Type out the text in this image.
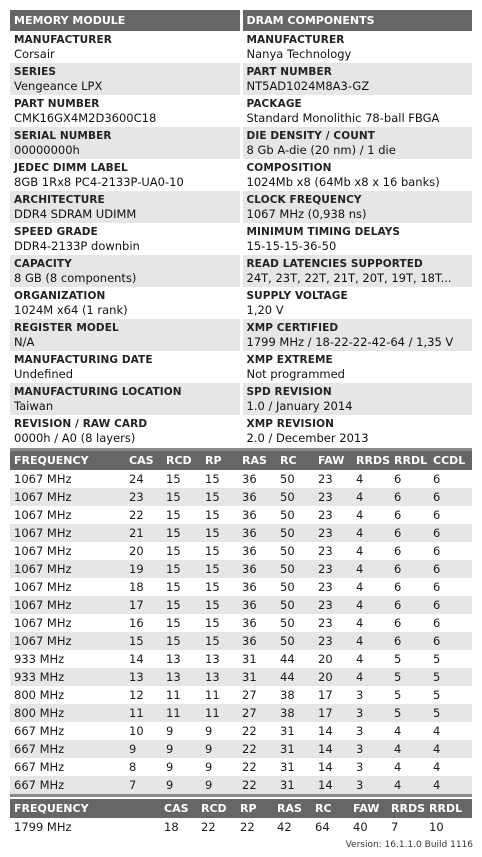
MEMORY MODULE
MANUFACTURER
Corsair
SERIES
Vengeance LPX
PART NUMBER
CMK16GX4M2D3600C18
SERIAL NUMBER
00000000h
JEDEC DIMM LABEL
8GB 1Rx8 PC4-2133P-UA0-10
ARCHITECTURE
DDR4 SDRAM UDIMM
SPEED GRADE
DDR4-2133P downbin
CAPACITY
8 GB (8 components)
ORGANIZATION
1024M x64 (1 rank)
REGISTER MODEL
N/A
MANUFACTURING DATE
Undefined
MANUFACTURING LOCATION
Taiwan
REVISION / RAW CARD
0000h / A0 (8 layers)
DRAM COMPONENTS
MANUFACTURER
Nanya Technology
PART NUMBER
NT5AD1024M8A3-GZ
PACKAGE
Standard Monolithic 78-ball FBGA
DIE DENSITY / COUNT
8 Gb A-die (20 nm) / 1 die
COMPOSITION
1024Mb x8 (64Mb x8 x 16 banks)
CLOCK FREQUENCY
1067 MHz (0,938 ns)
MINIMUM TIMING DELAYS
15-15-15-36-50
READ LATENCIES SUPPORTED
24T, 23T, 22T, 21T, 20T, 19T, 18T...
SUPPLY VOLTAGE
1,20 V
XMP CERTIFIED
1799 MHz / 18-22-22-42-64 / 1,35 V
XMP EXTREME
Not programmed
SPD REVISION
1.0 / January 2014
XMP REVISION
2.0 / December 2013
FREQUENCY	CAS	RCD	RP	RAS	RC	FAW	RRDS	RRDL	CCDL
1067 MHz	24	15	15	36	50	23	4	6	6
1067 MHz	23	15	15	36	50	23	4	6	6
1067 MHz	22	15	15	36	50	23	4	6	6
1067 MHz	21	15	15	36	50	23	4	6	6
1067 MHz	20	15	15	36	50	23	4	6	6
1067 MHz	19	15	15	36	50	23	4	6	6
1067 MHz	18	15	15	36	50	23	4	6	6
1067 MHz	17	15	15	36	50	23	4	6	6
1067 MHz	16	15	15	36	50	23	4	6	6
1067 MHz	15	15	15	36	50	23	4	6	6
933 MHz	14	13	13	31	44	20	4	5	5
933 MHz	13	13	13	31	44	20	4	5	5
800 MHz	12	11	11	27	38	17	3	5	5
800 MHz	11	11	11	27	38	17	3	5	5
667 MHz	10	9	9	22	31	14	3	4	4
667 MHz	9	9	9	22	31	14	3	4	4
667 MHz	8	9	9	22	31	14	3	4	4
667 MHz	7	9	9	22	31	14	3	4	4
FREQUENCY	CAS	RCD	RP	RAS	RC	FAW	RRDS	RRDL
1799 MHz	18	22	22	42	64	40	7	10
Version: 16.1.1.0 Build 1116
